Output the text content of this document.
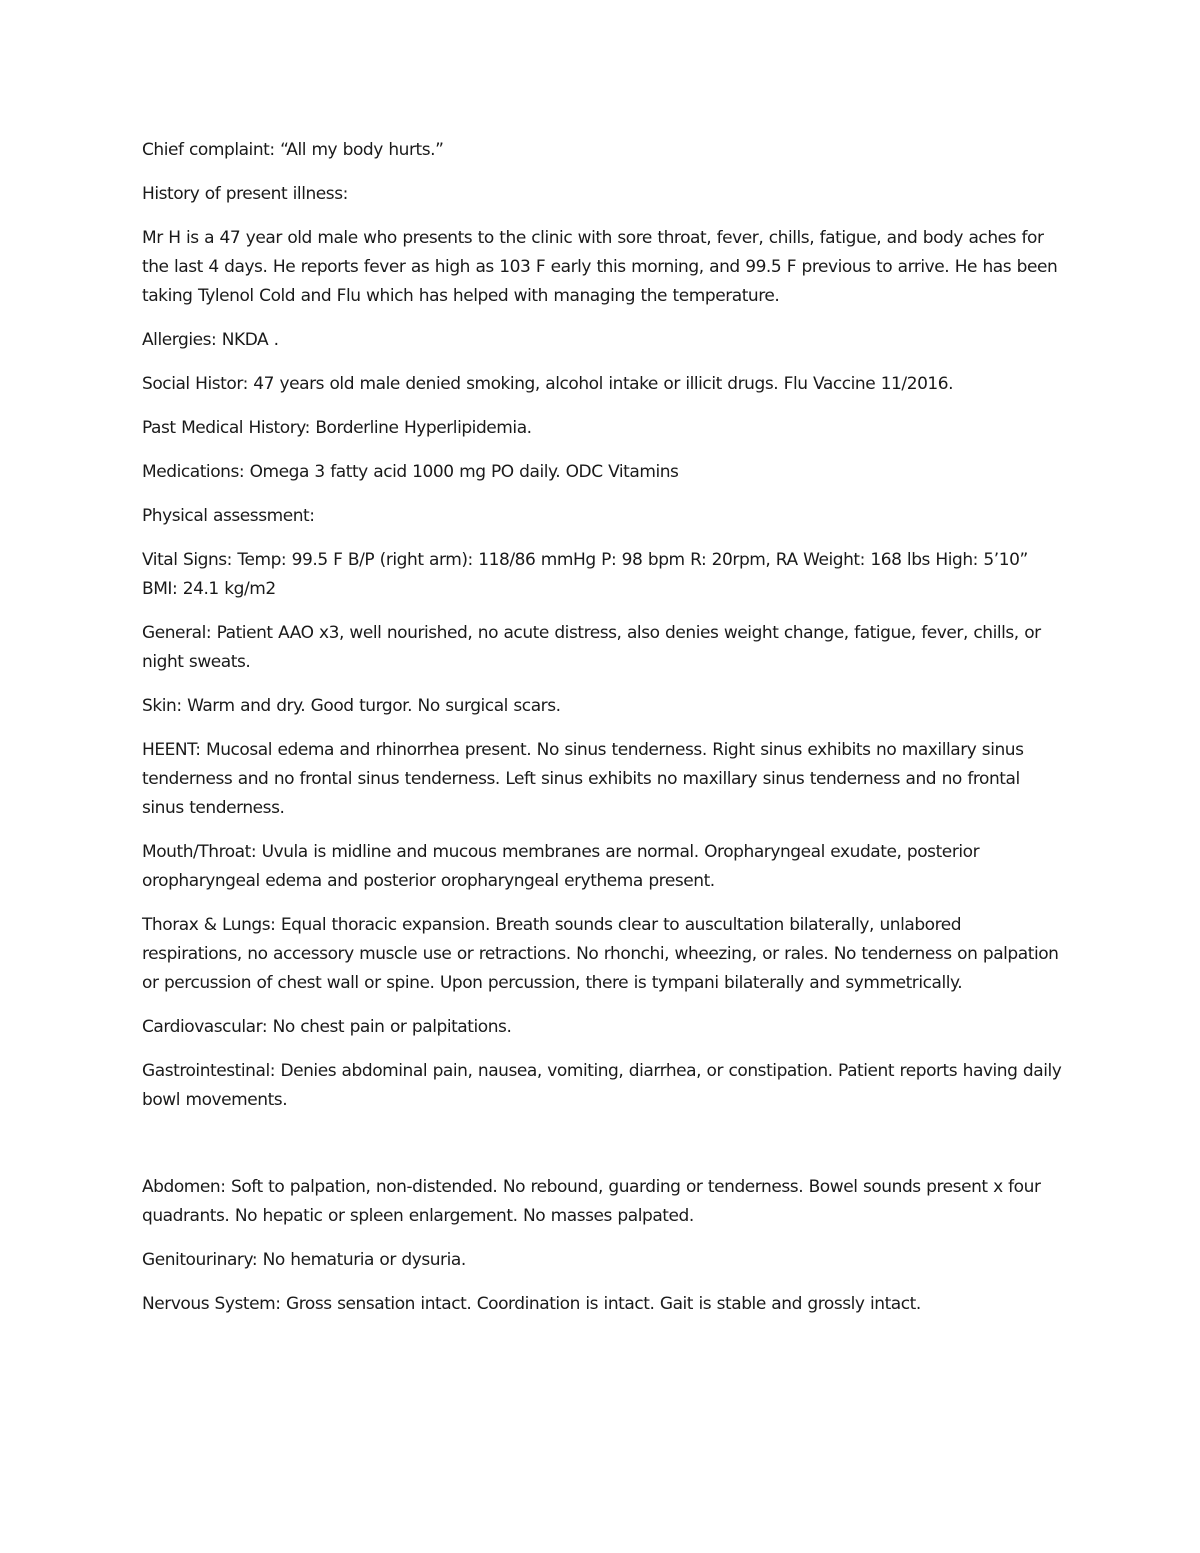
Chief complaint: “All my body hurts.”

History of present illness:

Mr H is a 47 year old male who presents to the clinic with sore throat, fever, chills, fatigue, and body aches for the last 4 days. He reports fever as high as 103 F early this morning, and 99.5 F previous to arrive. He has been taking Tylenol Cold and Flu which has helped with managing the temperature.

Allergies: NKDA .

Social Histor: 47 years old male denied smoking, alcohol intake or illicit drugs. Flu Vaccine 11/2016.

Past Medical History: Borderline Hyperlipidemia.

Medications: Omega 3 fatty acid 1000 mg PO daily. ODC Vitamins

Physical assessment:

Vital Signs: Temp: 99.5 F B/P (right arm): 118/86 mmHg P: 98 bpm R: 20rpm, RA Weight: 168 lbs High: 5’10” BMI: 24.1 kg/m2

General: Patient AAO x3, well nourished, no acute distress, also denies weight change, fatigue, fever, chills, or night sweats.

Skin: Warm and dry. Good turgor. No surgical scars.

HEENT: Mucosal edema and rhinorrhea present. No sinus tenderness. Right sinus exhibits no maxillary sinus tenderness and no frontal sinus tenderness. Left sinus exhibits no maxillary sinus tenderness and no frontal sinus tenderness.

Mouth/Throat: Uvula is midline and mucous membranes are normal. Oropharyngeal exudate, posterior oropharyngeal edema and posterior oropharyngeal erythema present.

Thorax & Lungs: Equal thoracic expansion. Breath sounds clear to auscultation bilaterally, unlabored respirations, no accessory muscle use or retractions. No rhonchi, wheezing, or rales. No tenderness on palpation or percussion of chest wall or spine. Upon percussion, there is tympani bilaterally and symmetrically.

Cardiovascular: No chest pain or palpitations.

Gastrointestinal: Denies abdominal pain, nausea, vomiting, diarrhea, or constipation. Patient reports having daily bowl movements.

Abdomen: Soft to palpation, non-distended. No rebound, guarding or tenderness. Bowel sounds present x four quadrants. No hepatic or spleen enlargement. No masses palpated.

Genitourinary: No hematuria or dysuria.

Nervous System: Gross sensation intact. Coordination is intact. Gait is stable and grossly intact.
